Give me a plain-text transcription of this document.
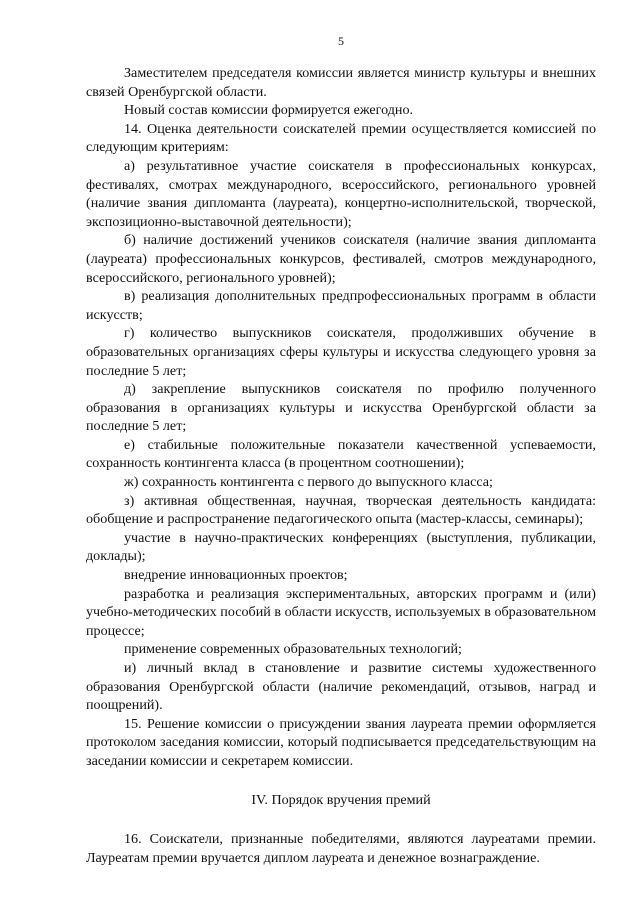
5

Заместителем председателя комиссии является министр культуры и внешних связей Оренбургской области.

Новый состав комиссии формируется ежегодно.

14. Оценка деятельности соискателей премии осуществляется комиссией по следующим критериям:

а) результативное участие соискателя в профессиональных конкурсах, фестивалях, смотрах международного, всероссийского, регионального уровней (наличие звания дипломанта (лауреата), концертно-исполнительской, творческой, экспозиционно-выставочной деятельности);

б) наличие достижений учеников соискателя (наличие звания дипломанта (лауреата) профессиональных конкурсов, фестивалей, смотров международного, всероссийского, регионального уровней);

в) реализация дополнительных предпрофессиональных программ в области искусств;

г) количество выпускников соискателя, продолживших обучение в образовательных организациях сферы культуры и искусства следующего уровня за последние 5 лет;

д) закрепление выпускников соискателя по профилю полученного образования в организациях культуры и искусства Оренбургской области за последние 5 лет;

е) стабильные положительные показатели качественной успеваемости, сохранность контингента класса (в процентном соотношении);

ж) сохранность контингента с первого до выпускного класса;

з) активная общественная, научная, творческая деятельность кандидата: обобщение и распространение педагогического опыта (мастер-классы, семинары);

участие в научно-практических конференциях (выступления, публикации, доклады);

внедрение инновационных проектов;

разработка и реализация экспериментальных, авторских программ и (или) учебно-методических пособий в области искусств, используемых в образовательном процессе;

применение современных образовательных технологий;

и) личный вклад в становление и развитие системы художественного образования Оренбургской области (наличие рекомендаций, отзывов, наград и поощрений).

15. Решение комиссии о присуждении звания лауреата премии оформляется протоколом заседания комиссии, который подписывается председательствующим на заседании комиссии и секретарем комиссии.

IV. Порядок вручения премий

16. Соискатели, признанные победителями, являются лауреатами премии. Лауреатам премии вручается диплом лауреата и денежное вознаграждение.
